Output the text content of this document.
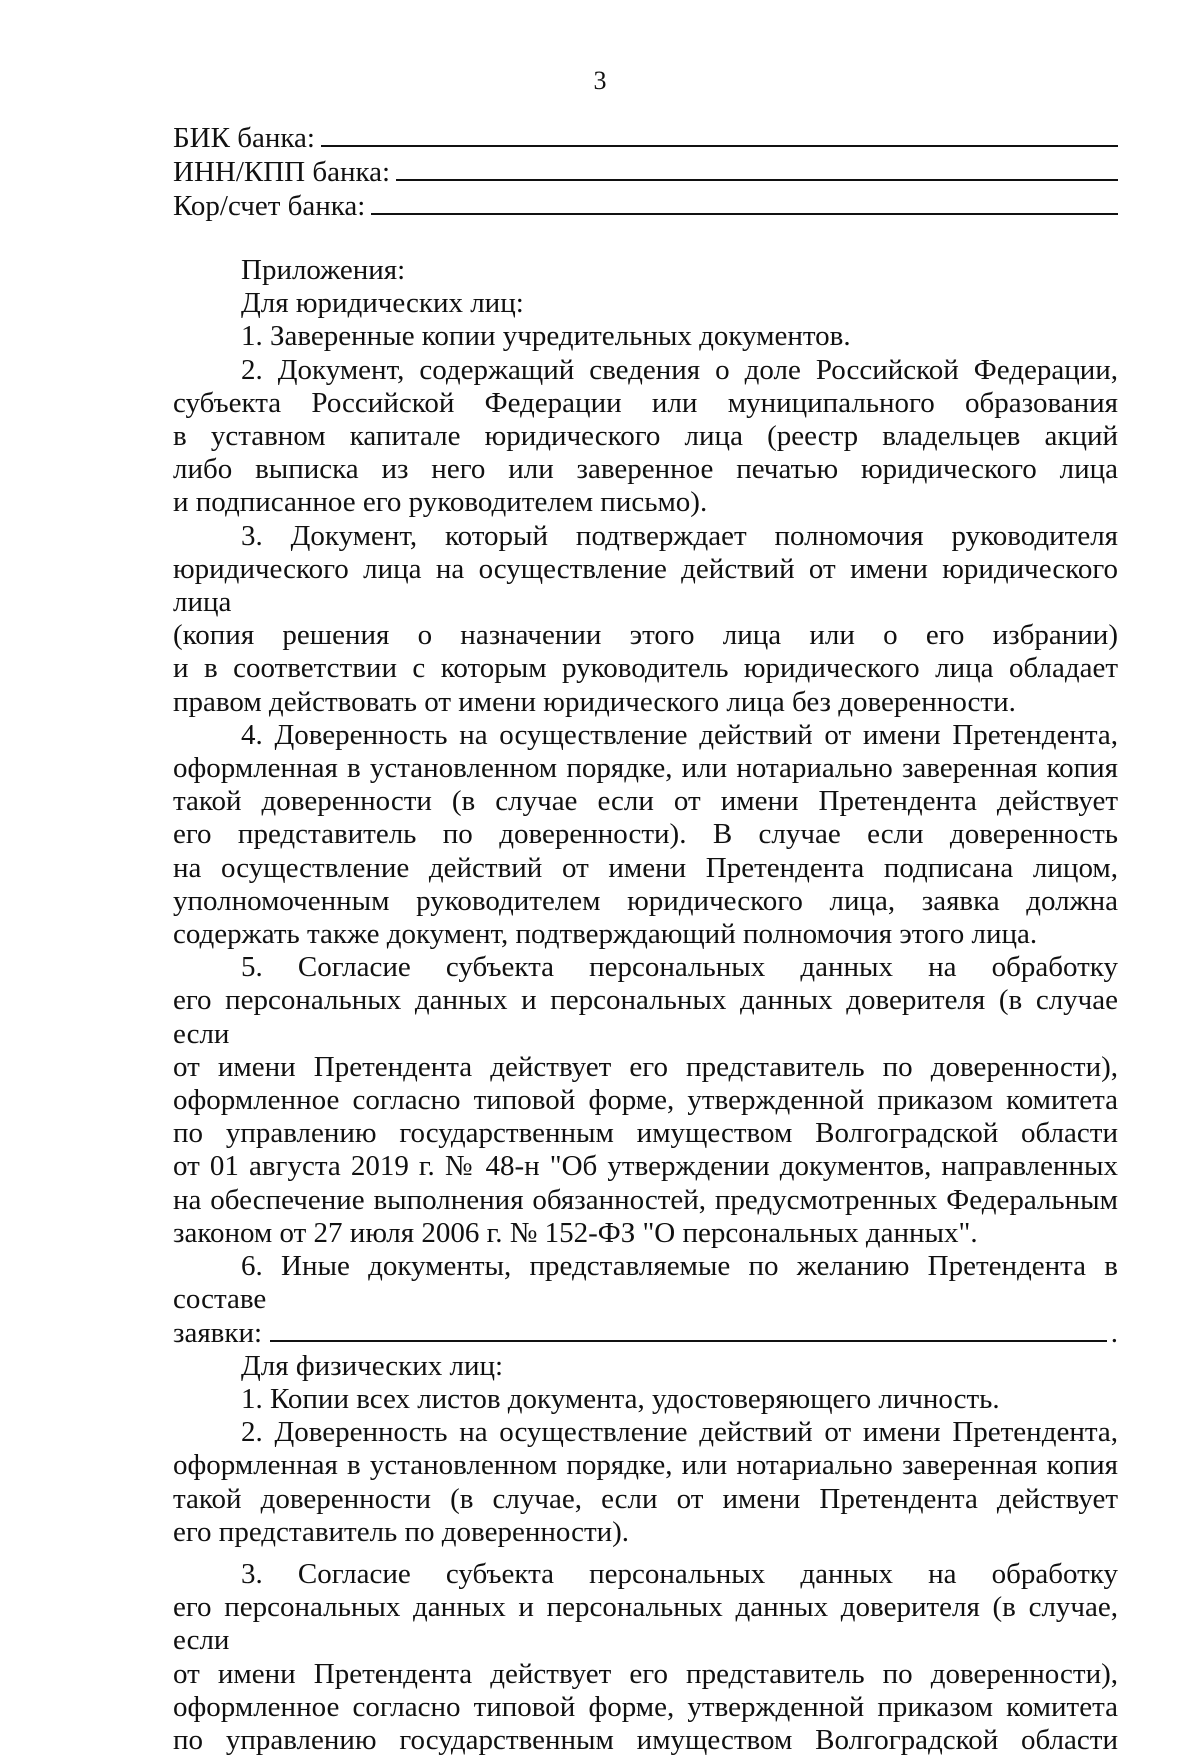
3
БИК банка:
ИНН/КПП банка:
Кор/счет банка:

Приложения:

Для юридических лиц:

1. Заверенные копии учредительных документов.

2. Документ, содержащий сведения о доле Российской Федерации,

субъекта Российской Федерации или муниципального образования

в уставном капитале юридического лица (реестр владельцев акций

либо выписка из него или заверенное печатью юридического лица

и подписанное его руководителем письмо).

3. Документ, который подтверждает полномочия руководителя

юридического лица на осуществление действий от имени юридического лица

(копия решения о назначении этого лица или о его избрании)

и в соответствии с которым руководитель юридического лица обладает

правом действовать от имени юридического лица без доверенности.

4. Доверенность на осуществление действий от имени Претендента,

оформленная в установленном порядке, или нотариально заверенная копия

такой доверенности (в случае если от имени Претендента действует

его представитель по доверенности). В случае если доверенность

на осуществление действий от имени Претендента подписана лицом,

уполномоченным руководителем юридического лица, заявка должна

содержать также документ, подтверждающий полномочия этого лица.

5. Согласие субъекта персональных данных на обработку

его персональных данных и персональных данных доверителя (в случае если

от имени Претендента действует его представитель по доверенности),

оформленное согласно типовой форме, утвержденной приказом комитета

по управлению государственным имуществом Волгоградской области

от 01 августа 2019 г. № 48-н "Об утверждении документов, направленных

на обеспечение выполнения обязанностей, предусмотренных Федеральным

законом от 27 июля 2006 г. № 152-ФЗ "О персональных данных".

6. Иные документы, представляемые по желанию Претендента в составе

заявки:	.

Для физических лиц:

1. Копии всех листов документа, удостоверяющего личность.

2. Доверенность на осуществление действий от имени Претендента,

оформленная в установленном порядке, или нотариально заверенная копия

такой доверенности (в случае, если от имени Претендента действует

его представитель по доверенности).

3. Согласие субъекта персональных данных на обработку

его персональных данных и персональных данных доверителя (в случае, если

от имени Претендента действует его представитель по доверенности),

оформленное согласно типовой форме, утвержденной приказом комитета

по управлению государственным имуществом Волгоградской области
